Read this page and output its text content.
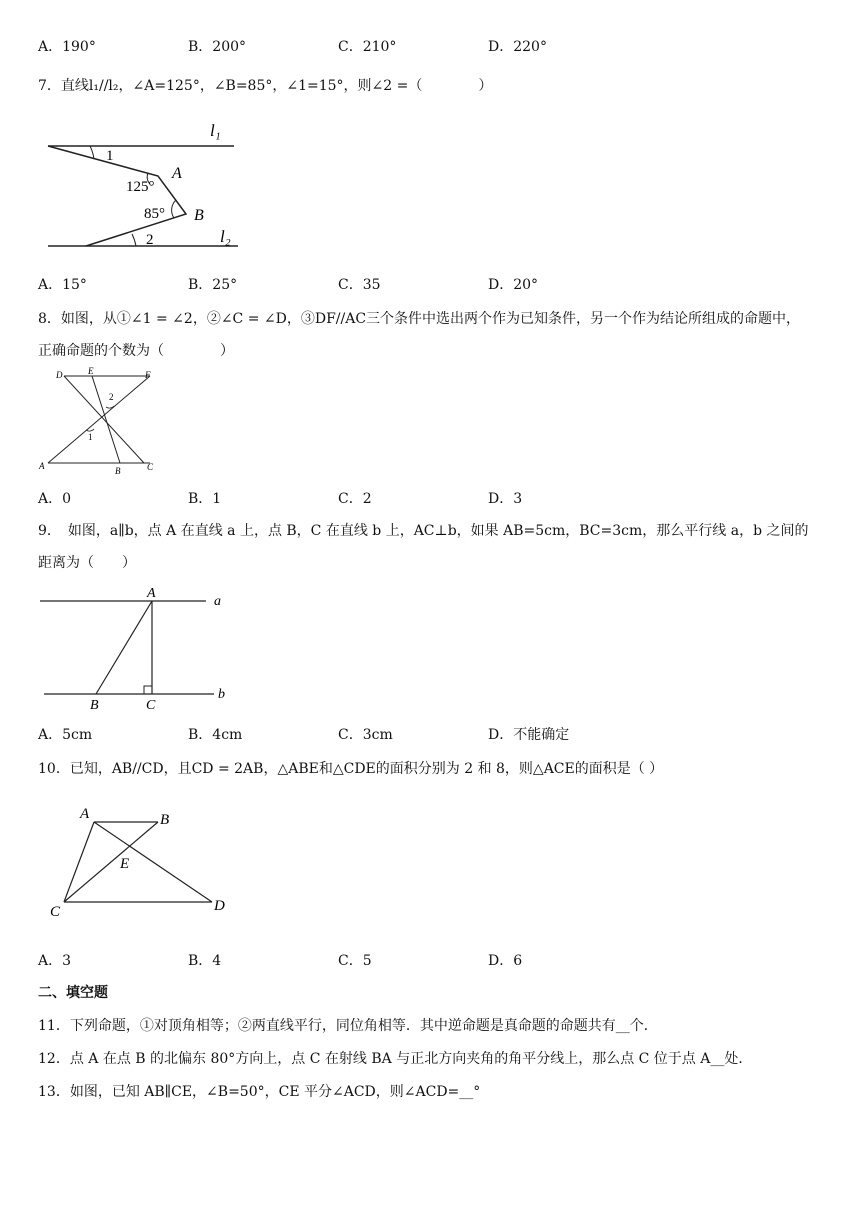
A．190°	B．200°	C．210°	D．220°
7．直线l₁//l₂，∠A=125°，∠B=85°，∠1=15°，则∠2 =（　　　　）
l₁
l₂
1
2
A
B
125°
85°
A．15°	B．25°	C．35	D．20°
8．如图，从①∠1 = ∠2，②∠C = ∠D，③DF//AC三个条件中选出两个作为已知条件，另一个作为结论所组成的命题中，
正确命题的个数为（　　　　）
D	E	F
A	B	C
2
1
A．0	B．1	C．2	D．3
9．　如图，a∥b，点 A 在直线 a 上，点 B，C 在直线 b 上，AC⊥b，如果 AB=5cm，BC=3cm，那么平行线 a，b 之间的
距离为（　　）
A
B	C
a
b
A．5cm	B．4cm	C．3cm	D．不能确定
10．已知，AB//CD，且CD = 2AB，△ABE和△CDE的面积分别为 2 和 8，则△ACE的面积是（ ）
A	B
C	D
E
A．3	B．4	C．5	D．6
二、填空题
11．下列命题，①对顶角相等；②两直线平行，同位角相等．其中逆命题是真命题的命题共有__个．
12．点 A 在点 B 的北偏东 80°方向上，点 C 在射线 BA 与正北方向夹角的角平分线上，那么点 C 位于点 A__处．
13．如图，已知 AB∥CE，∠B=50°，CE 平分∠ACD，则∠ACD=__°
